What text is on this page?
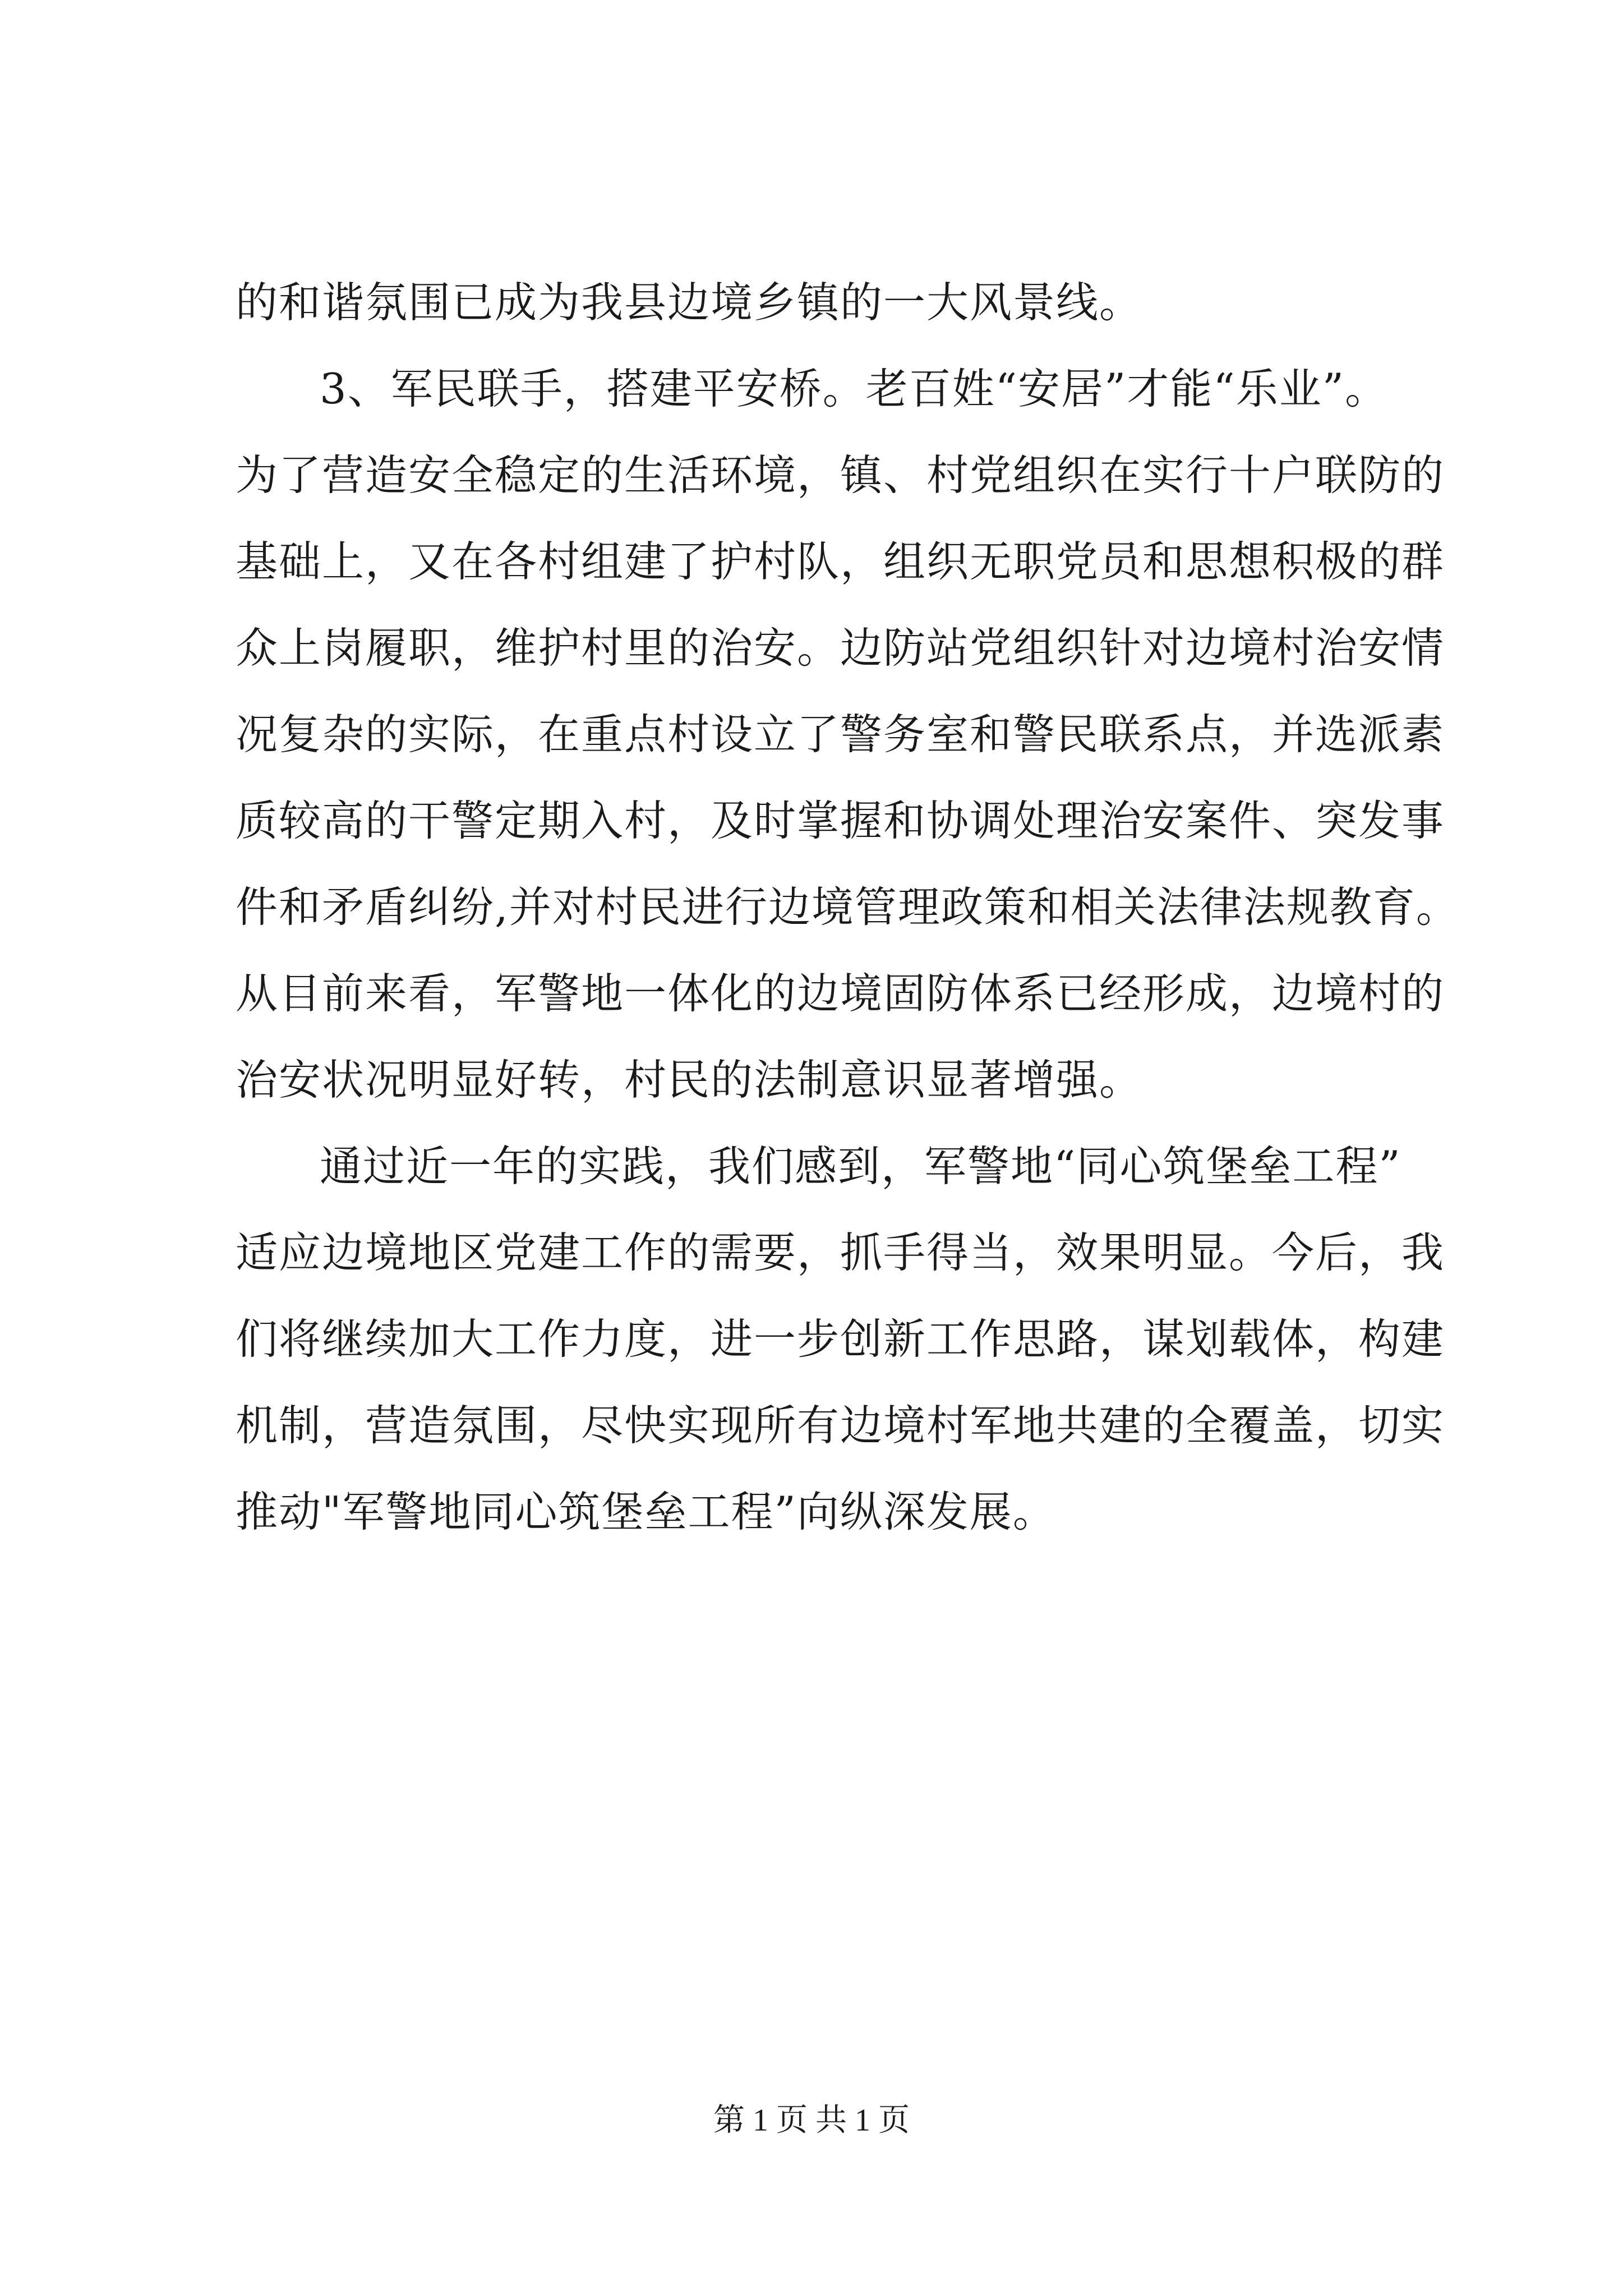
的和谐氛围已成为我县边境乡镇的一大风景线。
3、军民联手，搭建平安桥。老百姓“安居”才能“乐业”。
为了营造安全稳定的生活环境，镇、村党组织在实行十户联防的
基础上，又在各村组建了护村队，组织无职党员和思想积极的群
众上岗履职，维护村里的治安。边防站党组织针对边境村治安情
况复杂的实际，在重点村设立了警务室和警民联系点，并选派素
质较高的干警定期入村，及时掌握和协调处理治安案件、突发事
件和矛盾纠纷,并对村民进行边境管理政策和相关法律法规教育。
从目前来看，军警地一体化的边境固防体系已经形成，边境村的
治安状况明显好转，村民的法制意识显著增强。
通过近一年的实践，我们感到，军警地“同心筑堡垒工程”
适应边境地区党建工作的需要，抓手得当，效果明显。今后，我
们将继续加大工作力度，进一步创新工作思路，谋划载体，构建
机制，营造氛围，尽快实现所有边境村军地共建的全覆盖，切实
推动"军警地同心筑堡垒工程”向纵深发展。
第 1 页 共 1 页
